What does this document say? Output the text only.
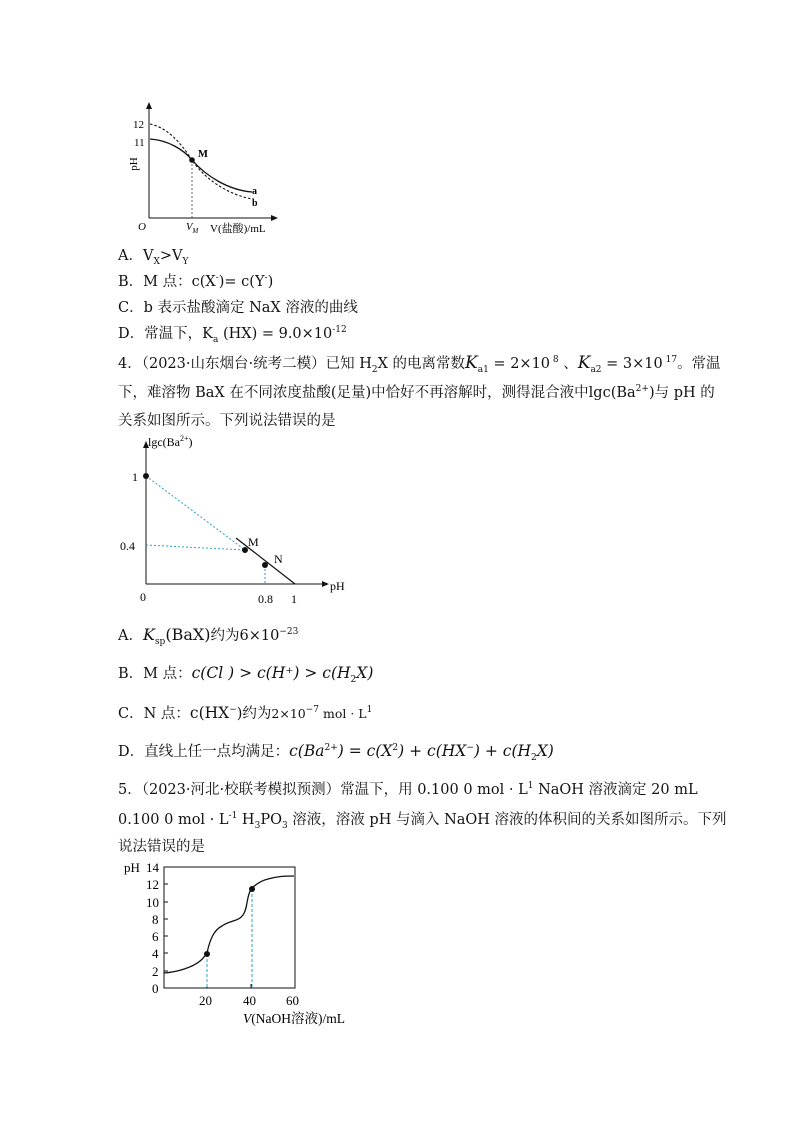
12
11
pH
O
M
a
b
$V_M$ V(盐酸)/mL
A．$V_X>V_Y$
B．M 点：c(X-)= c(Y-)
C．b 表示盐酸滴定 NaX 溶液的曲线
D．常温下，$K_a$ $(HX) = 9.0\times 10^{-12}$
4．（2023·山东烟台·统考二模）已知 $H_2X$ 的电离常数$K_{a1} = 2\times 10$ $^8$ 、$K_{a2} = 3\times 10$ $^{17}$。常温
下，难溶物 BaX 在不同浓度盐酸(足量)中恰好不再溶解时，测得混合液中$\lg c(Ba^{2+})$与 pH 的
关系如图所示。下列说法错误的是
$\lg c(Ba^{2+})$
1
0.4
0	0.8 1
pH
M
N
A．$K_{sp}(BaX)$约为$6\times 10^{-23}$
B．M 点：c(Cl ) > $c(H^+) > c(H_2X)$
C．N 点：c(HX−)约为$2\times 10^{-7}$ mol · $L^1$
D．直线上任一点均满足：$c(Ba^{2+}) = c(X^2) + c(HX^-) + c(H_2X)$
5．（2023·河北·校联考模拟预测）常温下，用 0.100 0 mol · $L^1$ NaOH 溶液滴定 20 mL
0.100 0 mol · $L^{-1}$ $H_3PO_3$ 溶液，溶液 pH 与滴入 NaOH 溶液的体积间的关系如图所示。下列
说法错误的是
pH 14
12
10
8
6
4
2
0
20 40 60
V(NaOH溶液)/mL
